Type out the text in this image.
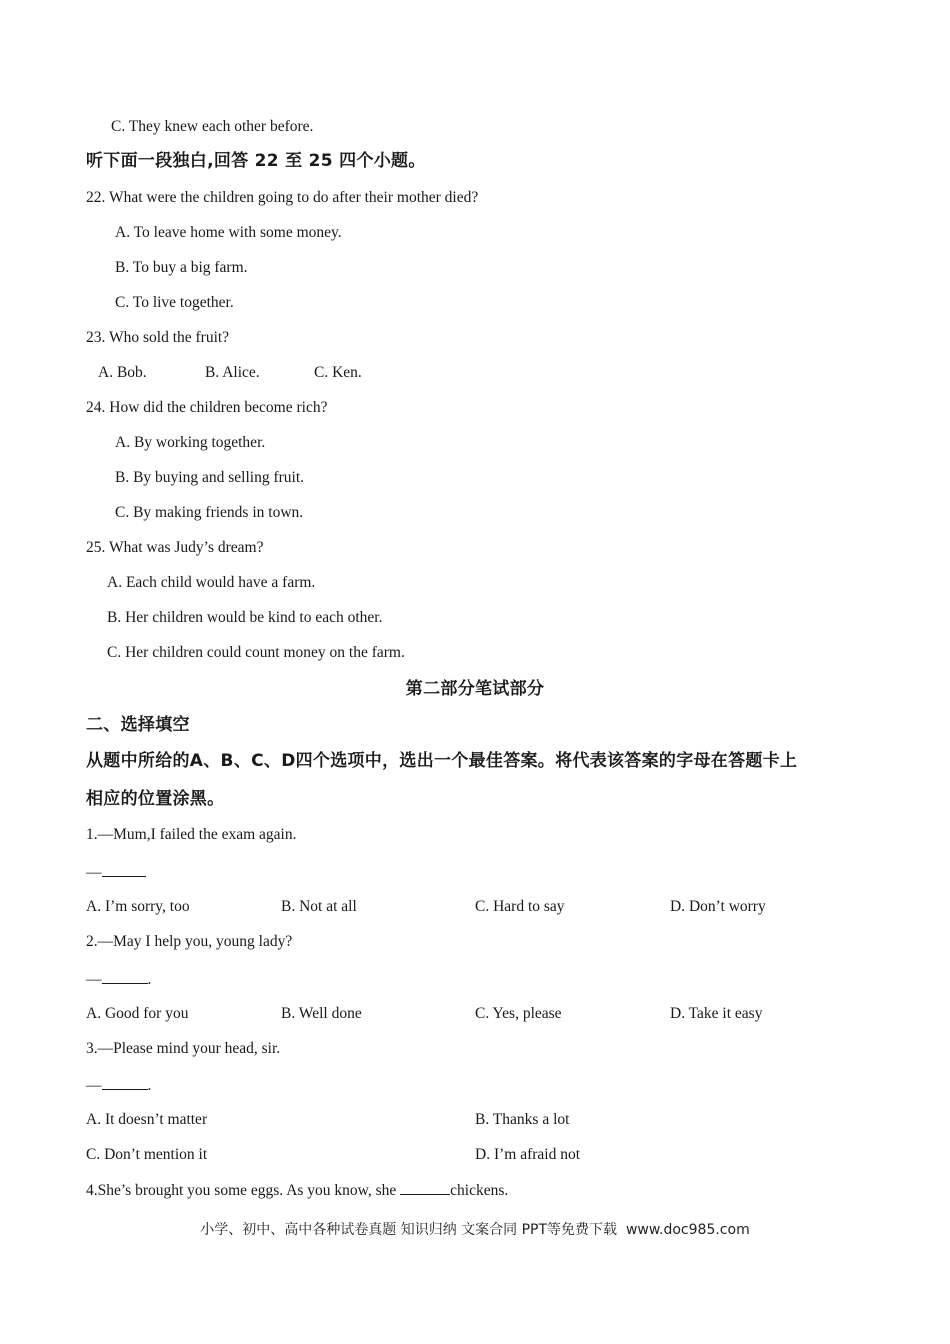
C. They knew each other before.
听下面一段独白,回答 22 至 25 四个小题。
22. What were the children going to do after their mother died?
A. To leave home with some money.
B. To buy a big farm.
C. To live together.
23. Who sold the fruit?
A. Bob.	B. Alice.	C. Ken.
24. How did the children become rich?
A. By working together.
B. By buying and selling fruit.
C. By making friends in town.
25. What was Judy’s dream?
A. Each child would have a farm.
B. Her children would be kind to each other.
C. Her children could count money on the farm.
第二部分笔试部分
二、选择填空
从题中所给的A、B、C、D四个选项中，选出一个最佳答案。将代表该答案的字母在答题卡上
相应的位置涂黑。
1.—Mum,I failed the exam again.
—
A. I’m sorry, too	B. Not at all	C. Hard to say	D. Don’t worry
2.—May I help you, young lady?
—	.
A. Good for you	B. Well done	C. Yes, please	D. Take it easy
3.—Please mind your head, sir.
—	.
A. It doesn’t matter	B. Thanks a lot
C. Don’t mention it	D. I’m afraid not
4.She’s brought you some eggs. As you know, she	chickens.
小学、初中、高中各种试卷真题 知识归纳 文案合同 PPT等免费下载 www.doc985.com
